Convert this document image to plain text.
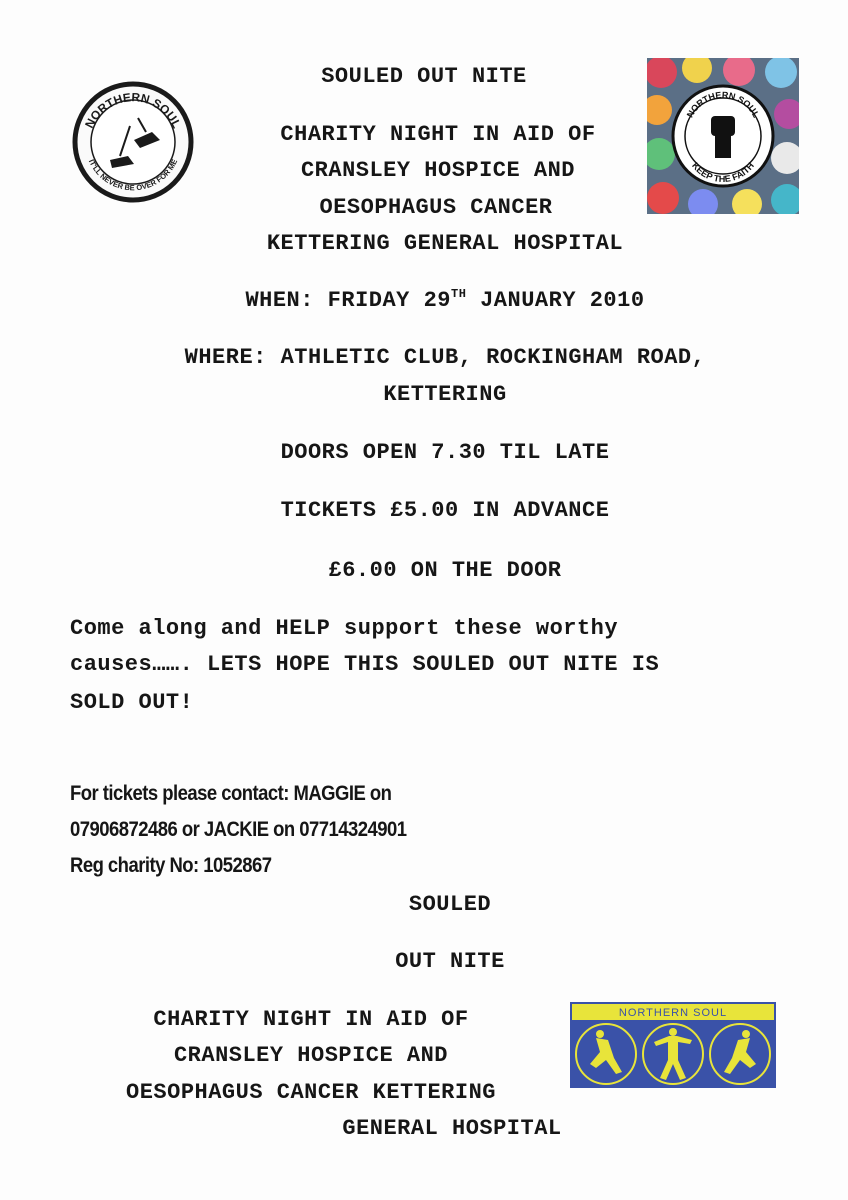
NORTHERN SOUL
IT'LL NEVER BE OVER FOR ME
NORTHERN SOUL
KEEP THE FAITH
SOULED OUT NITE
CHARITY NIGHT IN AID OF
CRANSLEY HOSPICE AND
OESOPHAGUS CANCER
KETTERING GENERAL HOSPITAL
WHEN: FRIDAY 29TH JANUARY 2010
WHERE: ATHLETIC CLUB, ROCKINGHAM ROAD,
KETTERING
DOORS OPEN 7.30 TIL LATE
TICKETS £5.00 IN ADVANCE
£6.00 ON THE DOOR
Come along and HELP support these worthy
causes……. LETS HOPE THIS SOULED OUT NITE IS
SOLD OUT!
For tickets please contact: MAGGIE on
07906872486 or JACKIE on 07714324901
Reg charity No: 1052867
SOULED
OUT NITE
CHARITY NIGHT IN AID OF
CRANSLEY HOSPICE AND
OESOPHAGUS CANCER KETTERING
GENERAL HOSPITAL
NORTHERN SOUL
